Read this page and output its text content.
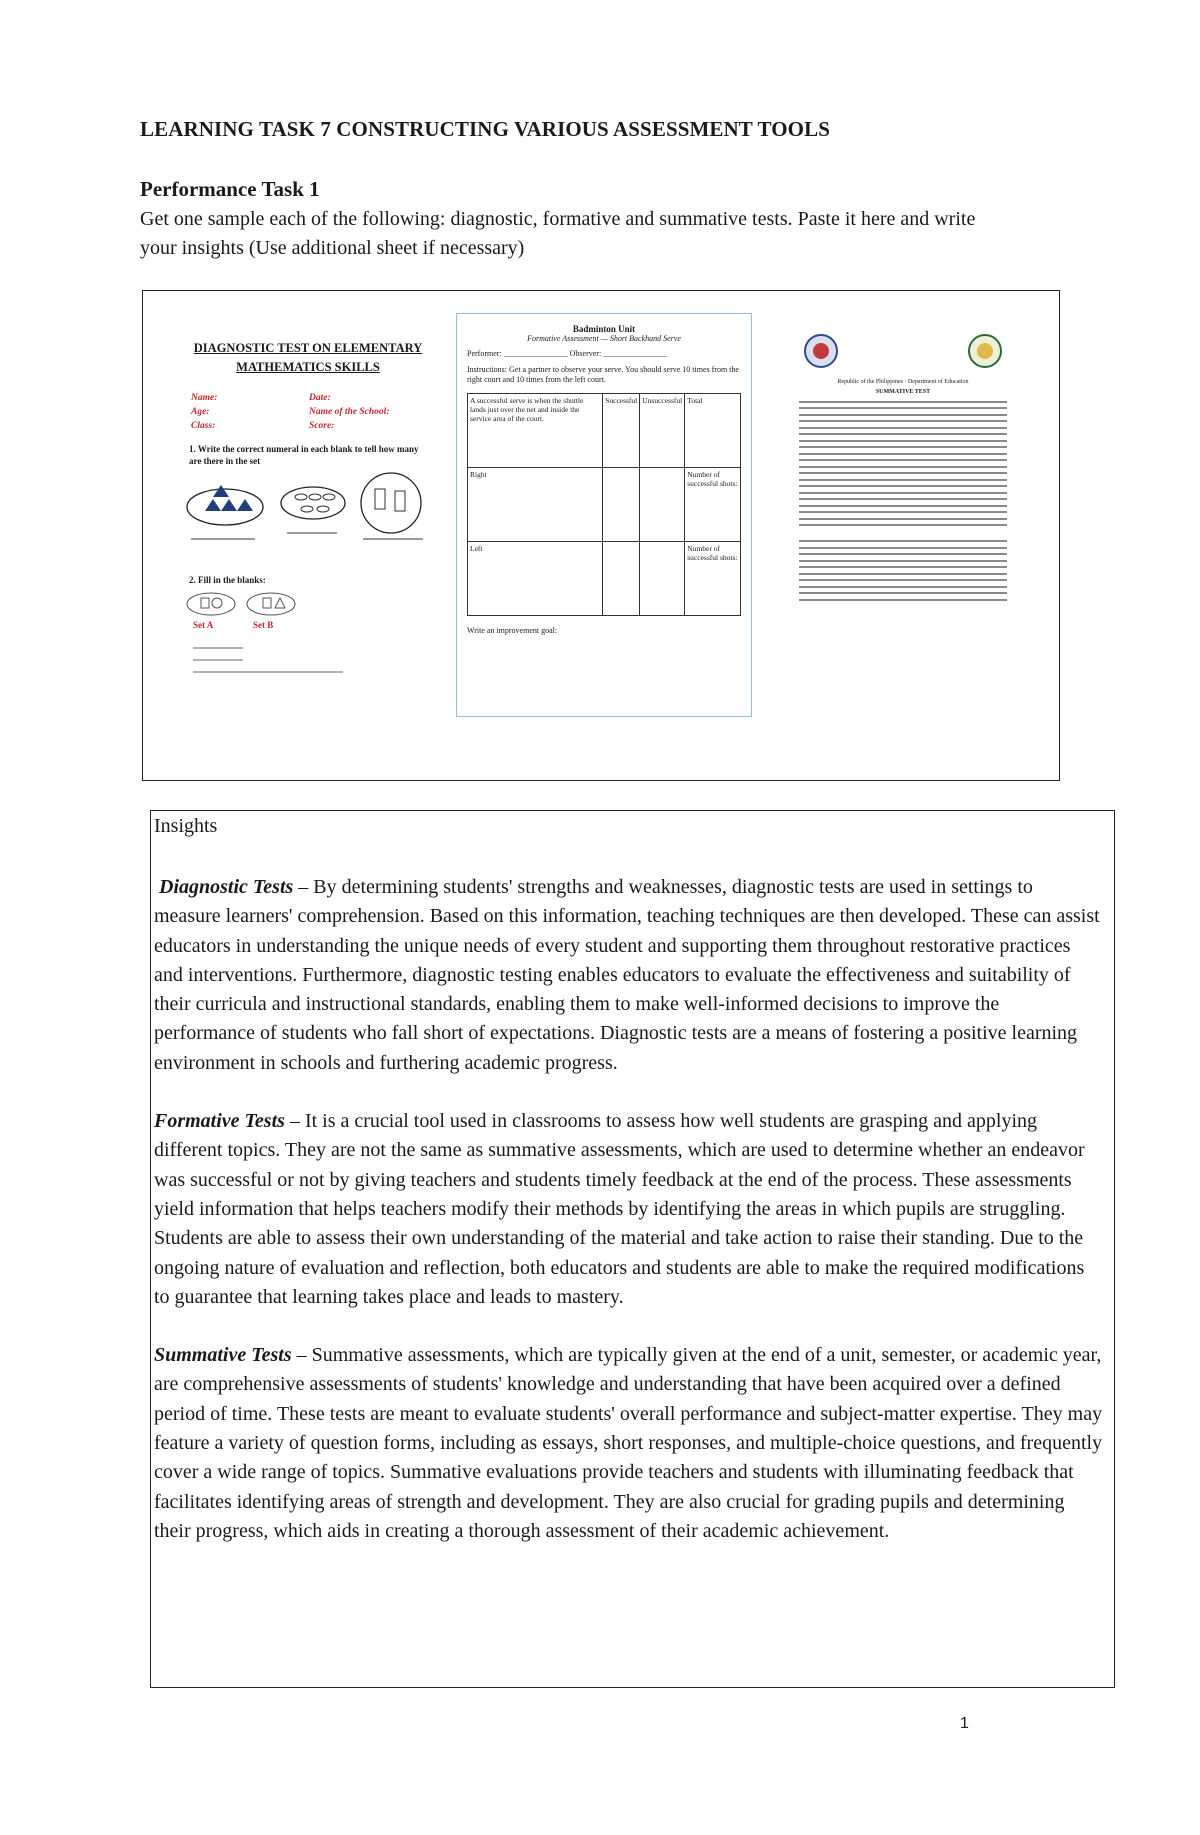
LEARNING TASK 7 CONSTRUCTING VARIOUS ASSESSMENT TOOLS
Performance Task 1
Get one sample each of the following: diagnostic, formative and summative tests. Paste it here and write your insights (Use additional sheet if necessary)
DIAGNOSTIC TEST ON ELEMENTARY MATHEMATICS SKILLS
Name:	Date:
Age:	Name of the School:
Class:	Score:
1. Write the correct numeral in each blank to tell how many are there in the set
2. Fill in the blanks:
Set A	Set B
Badminton Unit
Formative Assessment — Short Backhand Serve
Performer: ________________ Observer: ________________
Instructions: Get a partner to observe your serve. You should serve 10 times from the right court and 10 times from the left court.
A successful serve is when the shuttle lands just over the net and inside the service area of the court.	Successful	Unsuccessful	Total
Right			Number of successful shots:
Left			Number of successful shots:
Write an improvement goal:
Republic of the Philippines · Department of Education
SUMMATIVE TEST
Insights

Diagnostic Tests – By determining students' strengths and weaknesses, diagnostic tests are used in settings to measure learners' comprehension. Based on this information, teaching techniques are then developed. These can assist educators in understanding the unique needs of every student and supporting them throughout restorative practices and interventions. Furthermore, diagnostic testing enables educators to evaluate the effectiveness and suitability of their curricula and instructional standards, enabling them to make well-informed decisions to improve the performance of students who fall short of expectations. Diagnostic tests are a means of fostering a positive learning environment in schools and furthering academic progress.

Formative Tests – It is a crucial tool used in classrooms to assess how well students are grasping and applying different topics. They are not the same as summative assessments, which are used to determine whether an endeavor was successful or not by giving teachers and students timely feedback at the end of the process. These assessments yield information that helps teachers modify their methods by identifying the areas in which pupils are struggling. Students are able to assess their own understanding of the material and take action to raise their standing. Due to the ongoing nature of evaluation and reflection, both educators and students are able to make the required modifications to guarantee that learning takes place and leads to mastery.

Summative Tests – Summative assessments, which are typically given at the end of a unit, semester, or academic year, are comprehensive assessments of students' knowledge and understanding that have been acquired over a defined period of time. These tests are meant to evaluate students' overall performance and subject-matter expertise. They may feature a variety of question forms, including as essays, short responses, and multiple-choice questions, and frequently cover a wide range of topics. Summative evaluations provide teachers and students with illuminating feedback that facilitates identifying areas of strength and development. They are also crucial for grading pupils and determining their progress, which aids in creating a thorough assessment of their academic achievement.

1
